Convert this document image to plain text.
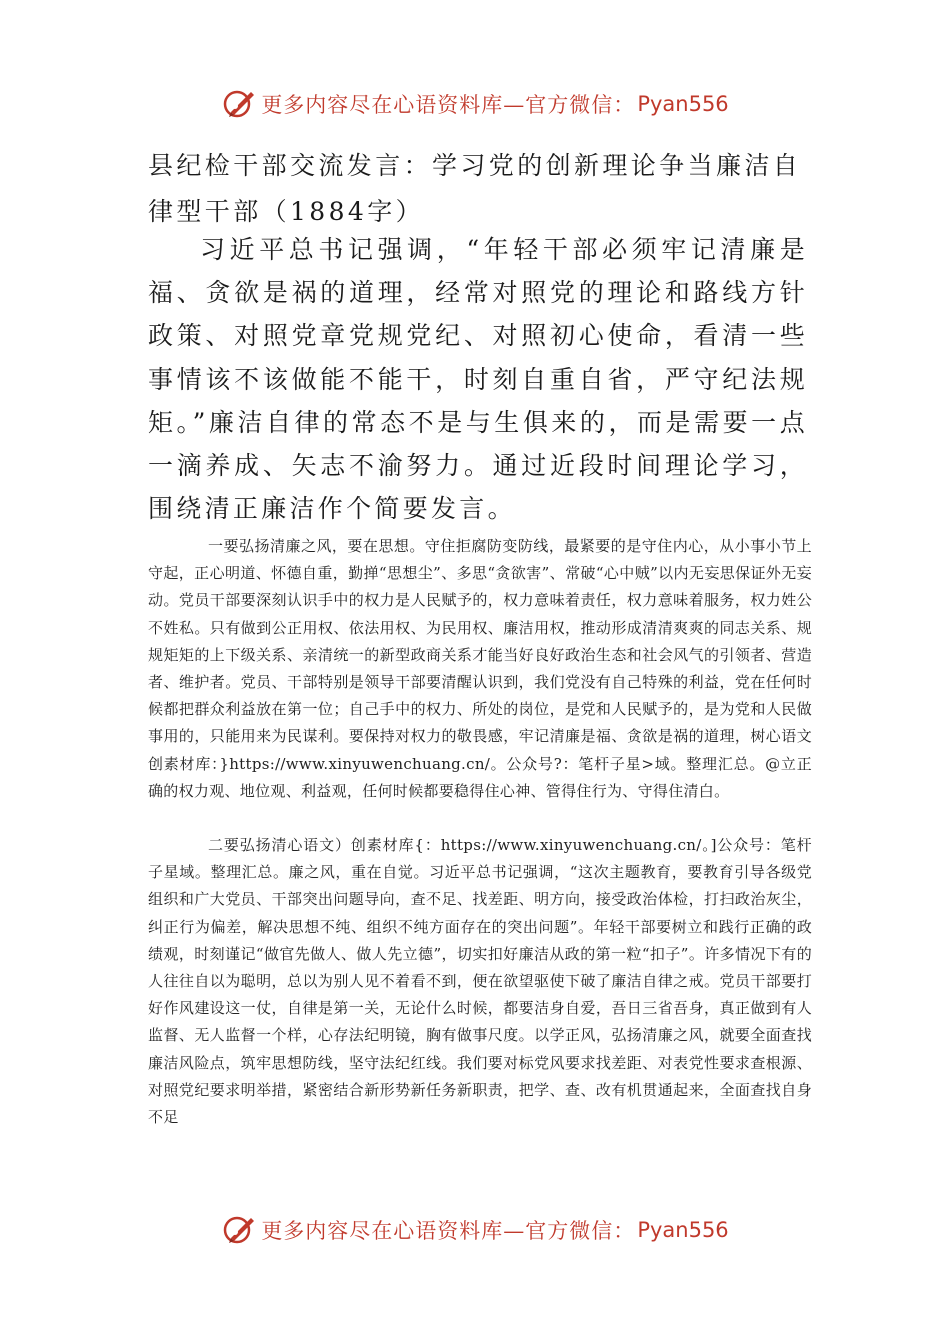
更多内容尽在心语资料库—官方微信： Pyan556
县纪检干部交流发言：学习党的创新理论争当廉洁自律型干部（1884字）

习近平总书记强调，“年轻干部必须牢记清廉是福、贪欲是祸的道理，经常对照党的理论和路线方针政策、对照党章党规党纪、对照初心使命，看清一些事情该不该做能不能干，时刻自重自省，严守纪法规矩。”廉洁自律的常态不是与生俱来的，而是需要一点一滴养成、矢志不渝努力。通过近段时间理论学习，围绕清正廉洁作个简要发言。

一要弘扬清廉之风，要在思想。守住拒腐防变防线，最紧要的是守住内心，从小事小节上守起，正心明道、怀德自重，勤掸“思想尘”、多思“贪欲害”、常破“心中贼”以内无妄思保证外无妄动。党员干部要深刻认识手中的权力是人民赋予的，权力意味着责任，权力意味着服务，权力姓公不姓私。只有做到公正用权、依法用权、为民用权、廉洁用权，推动形成清清爽爽的同志关系、规规矩矩的上下级关系、亲清统一的新型政商关系才能当好良好政治生态和社会风气的引领者、营造者、维护者。党员、干部特别是领导干部要清醒认识到，我们党没有自己特殊的利益，党在任何时候都把群众利益放在第一位；自己手中的权力、所处的岗位，是党和人民赋予的，是为党和人民做事用的，只能用来为民谋利。要保持对权力的敬畏感，牢记清廉是福、贪欲是祸的道理，树心语文创素材库：}https://www.xinyuwenchuang.cn/。公众号?：笔杆子星>域。整理汇总。@立正确的权力观、地位观、利益观，任何时候都要稳得住心神、管得住行为、守得住清白。

二要弘扬清心语文）创素材库{：https://www.xinyuwenchuang.cn/。]公众号：笔杆子星域。整理汇总。廉之风，重在自觉。习近平总书记强调，“这次主题教育，要教育引导各级党组织和广大党员、干部突出问题导向，查不足、找差距、明方向，接受政治体检，打扫政治灰尘，纠正行为偏差，解决思想不纯、组织不纯方面存在的突出问题”。年轻干部要树立和践行正确的政绩观，时刻谨记“做官先做人、做人先立德”，切实扣好廉洁从政的第一粒“扣子”。许多情况下有的人往往自以为聪明，总以为别人见不着看不到，便在欲望驱使下破了廉洁自律之戒。党员干部要打好作风建设这一仗，自律是第一关，无论什么时候，都要洁身自爱，吾日三省吾身，真正做到有人监督、无人监督一个样，心存法纪明镜，胸有做事尺度。以学正风，弘扬清廉之风，就要全面查找廉洁风险点，筑牢思想防线，坚守法纪红线。我们要对标党风要求找差距、对表党性要求查根源、对照党纪要求明举措，紧密结合新形势新任务新职责，把学、查、改有机贯通起来，全面查找自身不足

更多内容尽在心语资料库—官方微信： Pyan556
